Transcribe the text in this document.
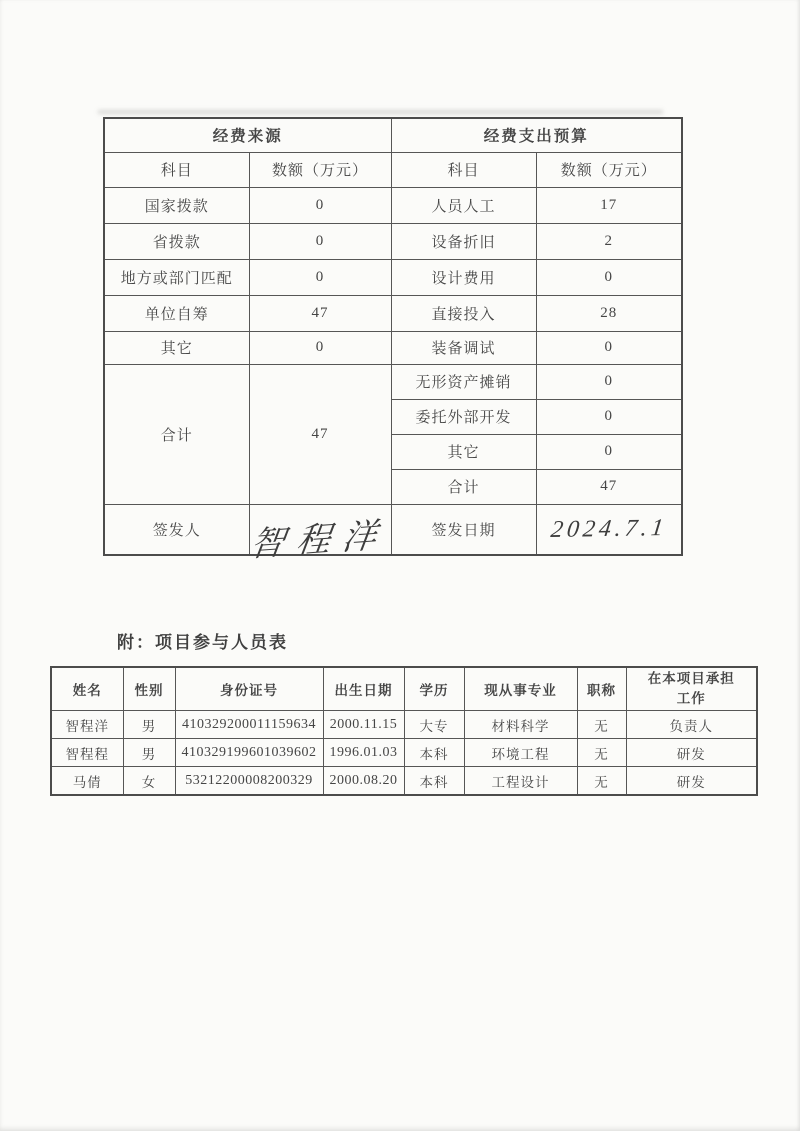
经费来源		经费支出预算	
科目	数额（万元）	科目	数额（万元）
国家拨款	0	人员人工	17
省拨款	0	设备折旧	2
地方或部门匹配	0	设计费用	0
单位自筹	47	直接投入	28
其它	0	装备调试	0
合计	47	无形资产摊销	0
		委托外部开发	0
		其它	0
		合计	47
签发人	智程洋	签发日期	2024.7.1
附：项目参与人员表
姓名	性别	身份证号	出生日期	学历	现从事专业	职称	在本项目承担工作
智程洋	男	410329200011159634	2000.11.15	大专	材料科学	无	负责人
智程程	男	410329199601039602	1996.01.03	本科	环境工程	无	研发
马倩	女	53212200008200329	2000.08.20	本科	工程设计	无	研发
